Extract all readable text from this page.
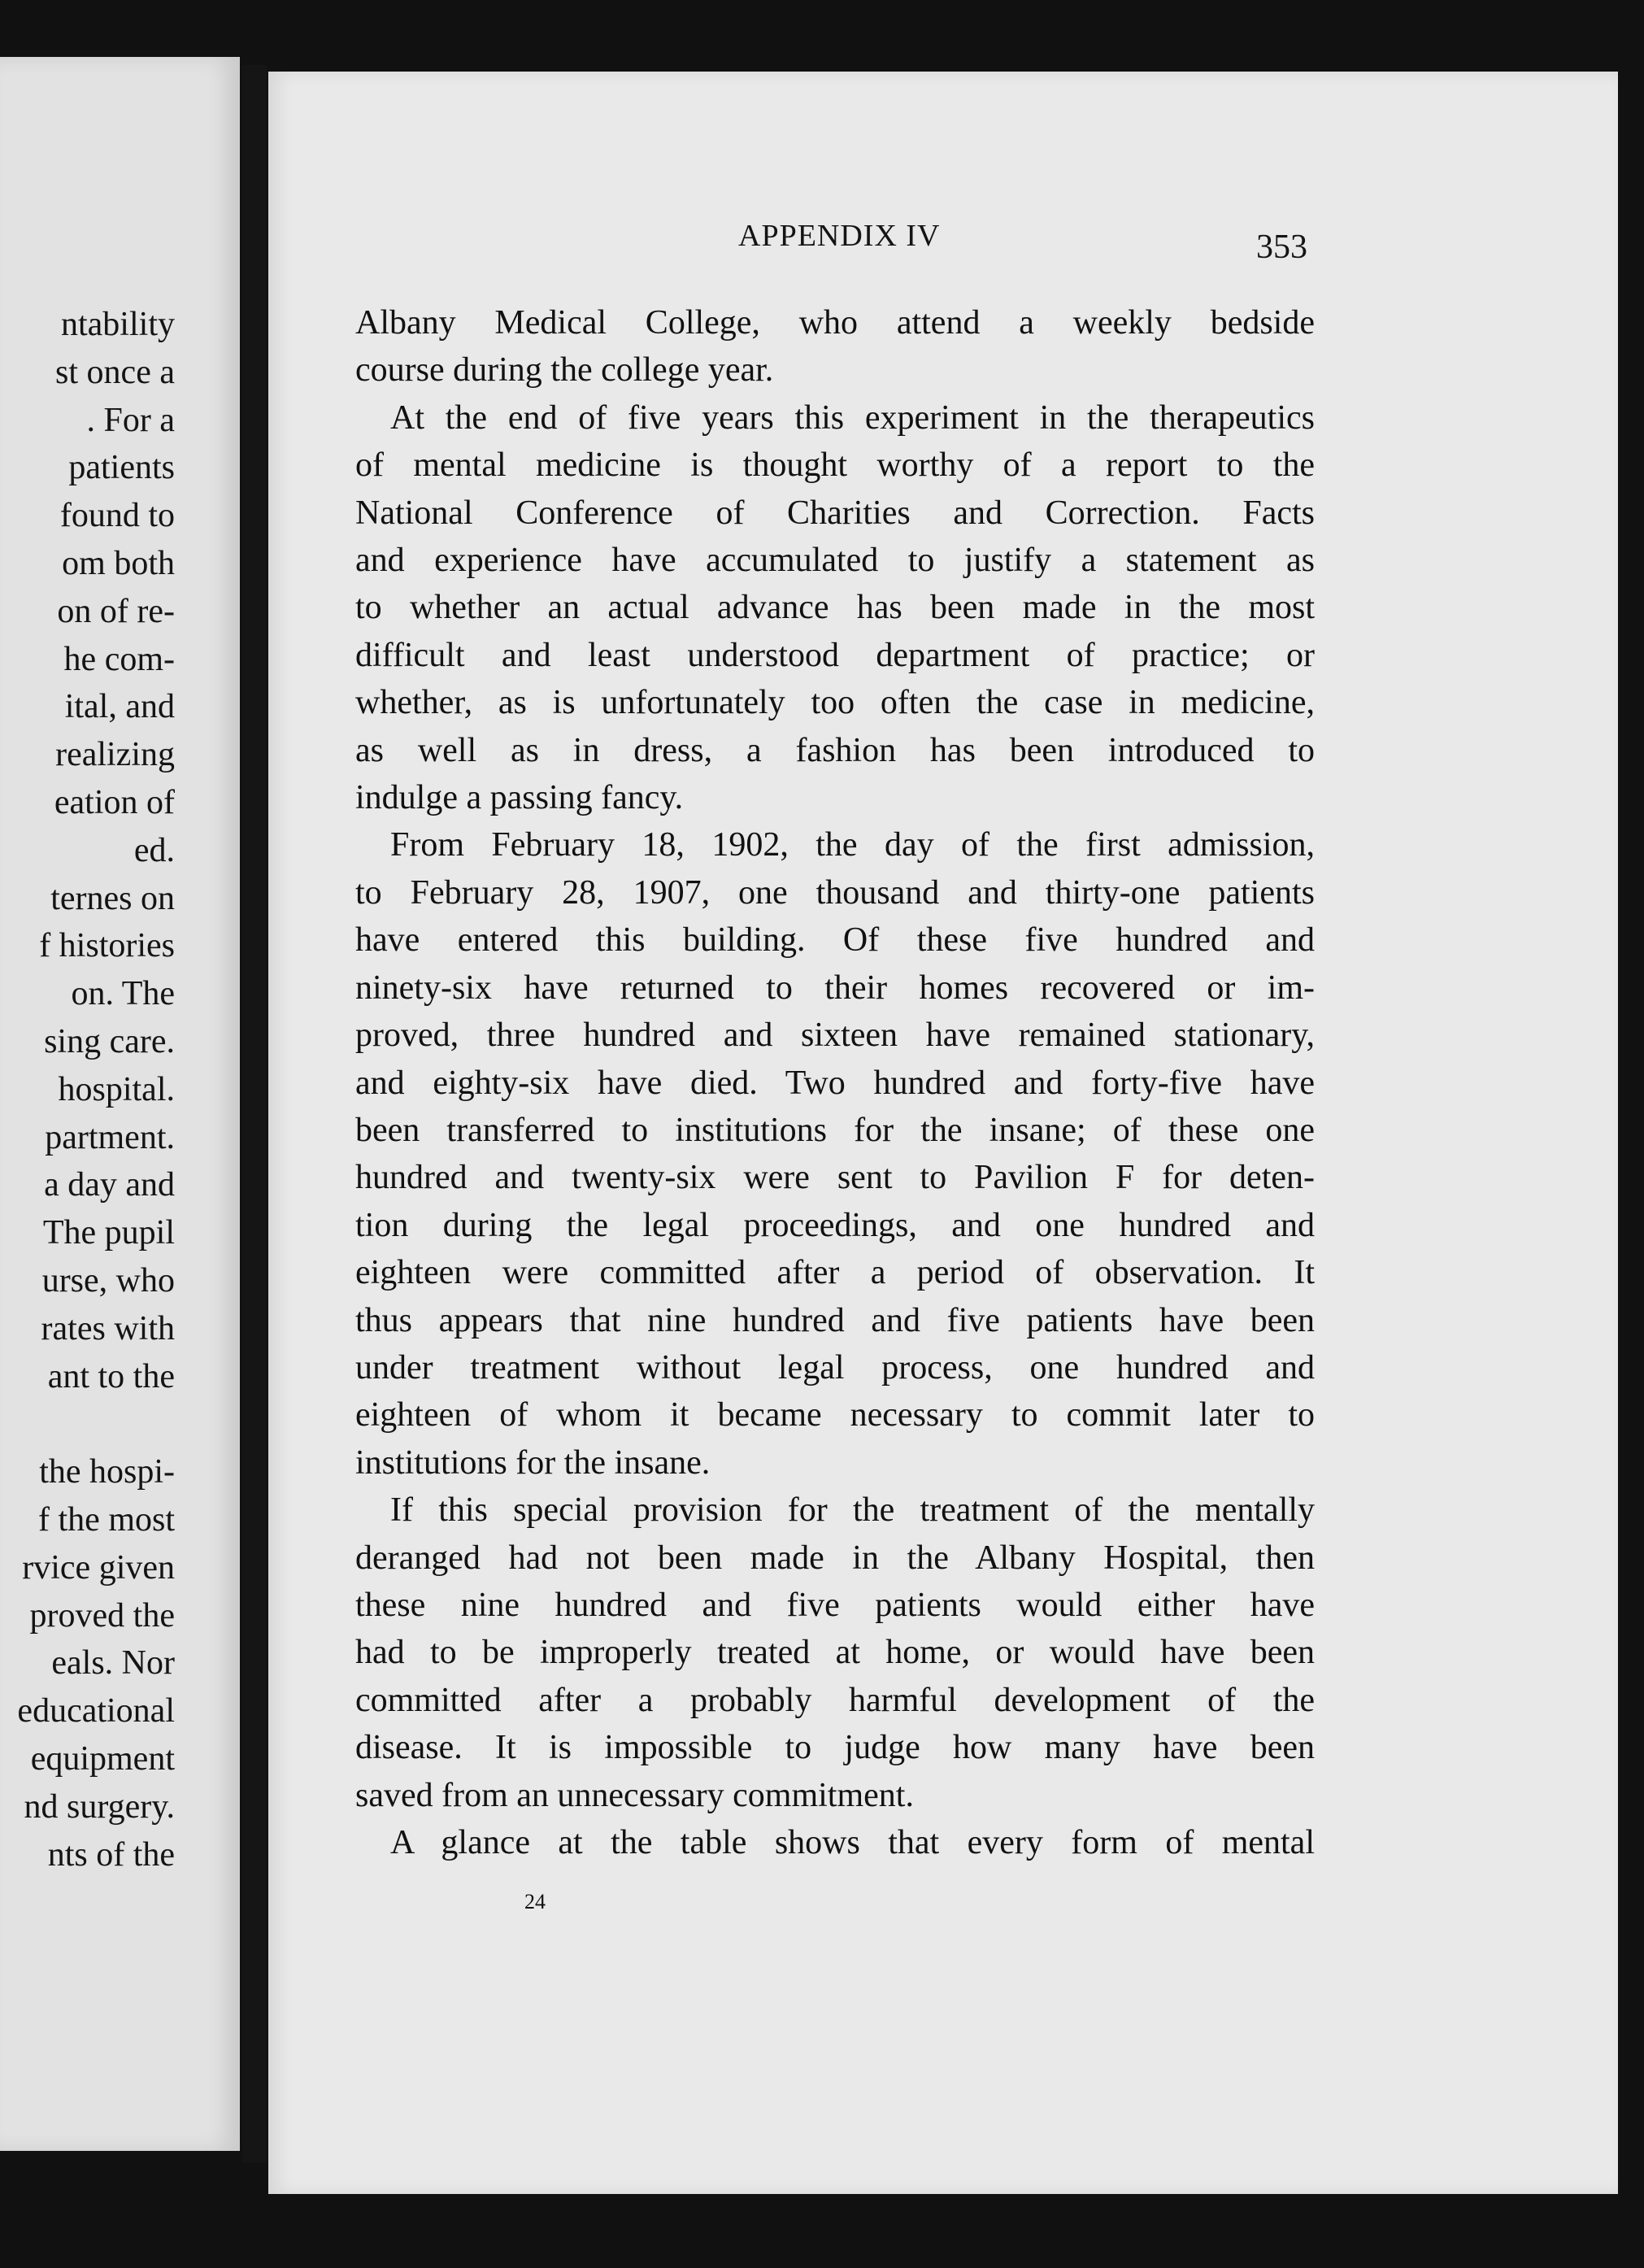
ntability
st once a
. For a
patients
found to
om both
on of re-
he com-
ital, and
realizing
eation of
ed.
ternes on
f histories
on. The
sing care.
hospital.
partment.
a day and
The pupil
urse, who
rates with
ant to the
the hospi-
f the most
rvice given
proved the
eals. Nor
educational
equipment
nd surgery.
nts of the
APPENDIX IV	353
Albany Medical College, who attend a weekly bedside
course during the college year.
At the end of five years this experiment in the therapeutics
of mental medicine is thought worthy of a report to the
National Conference of Charities and Correction. Facts
and experience have accumulated to justify a statement as
to whether an actual advance has been made in the most
difficult and least understood department of practice; or
whether, as is unfortunately too often the case in medicine,
as well as in dress, a fashion has been introduced to
indulge a passing fancy.
From February 18, 1902, the day of the first admission,
to February 28, 1907, one thousand and thirty-one patients
have entered this building. Of these five hundred and
ninety-six have returned to their homes recovered or im-
proved, three hundred and sixteen have remained stationary,
and eighty-six have died. Two hundred and forty-five have
been transferred to institutions for the insane; of these one
hundred and twenty-six were sent to Pavilion F for deten-
tion during the legal proceedings, and one hundred and
eighteen were committed after a period of observation. It
thus appears that nine hundred and five patients have been
under treatment without legal process, one hundred and
eighteen of whom it became necessary to commit later to
institutions for the insane.
If this special provision for the treatment of the mentally
deranged had not been made in the Albany Hospital, then
these nine hundred and five patients would either have
had to be improperly treated at home, or would have been
committed after a probably harmful development of the
disease. It is impossible to judge how many have been
saved from an unnecessary commitment.
A glance at the table shows that every form of mental
24
